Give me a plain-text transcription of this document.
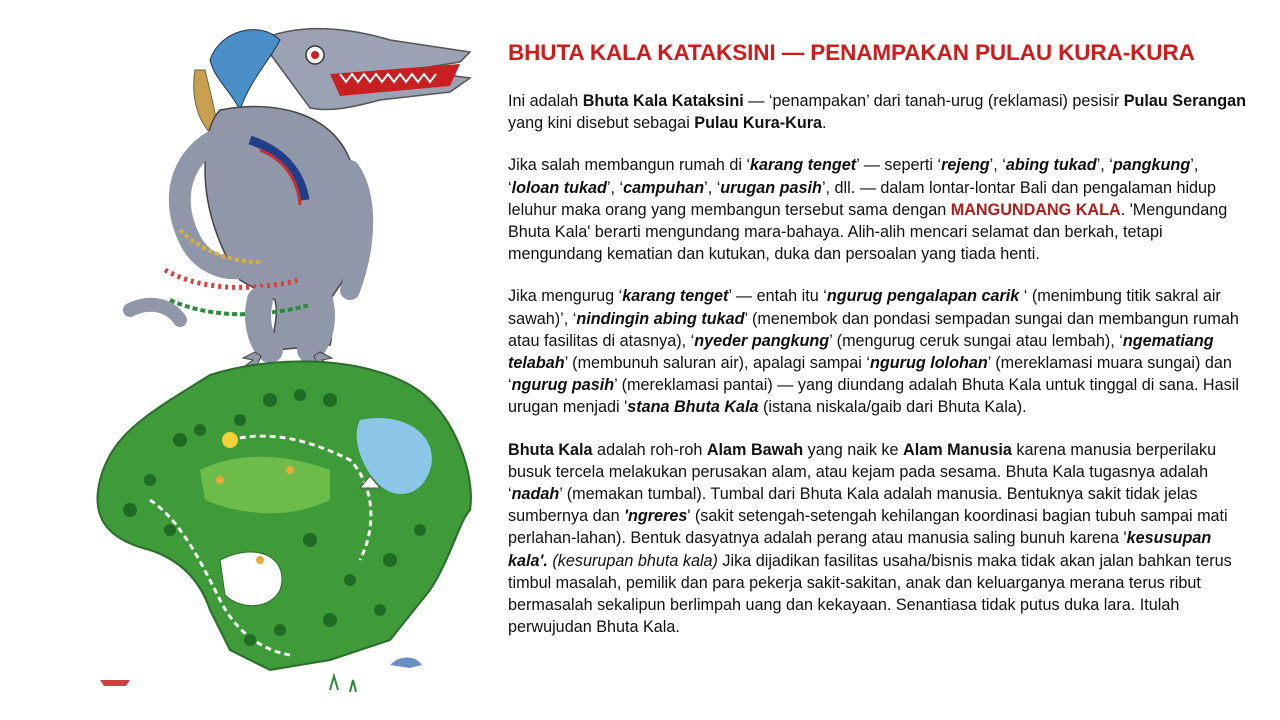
BHUTA KALA KATAKSINI — PENAMPAKAN PULAU KURA-KURA

Ini adalah Bhuta Kala Kataksini — ‘penampakan’ dari tanah-urug (reklamasi) pesisir Pulau Serangan yang kini disebut sebagai Pulau Kura-Kura.

Jika salah membangun rumah di ‘karang tenget’ — seperti ‘rejeng’, ‘abing tukad’, ‘pangkung’, ‘loloan tukad’, ‘campuhan’, ‘urugan pasih’, dll. — dalam lontar-lontar Bali dan pengalaman hidup leluhur maka orang yang membangun tersebut sama dengan MANGUNDANG KALA. 'Mengundang Bhuta Kala' berarti mengundang mara-bahaya. Alih-alih mencari selamat dan berkah, tetapi mengundang kematian dan kutukan, duka dan persoalan yang tiada henti.

Jika mengurug ‘karang tenget’ — entah itu ‘ngurug pengalapan carik ‘ (menimbung titik sakral air sawah)’, ‘nindingin abing tukad’ (menembok dan pondasi sempadan sungai dan membangun rumah atau fasilitas di atasnya), ‘nyeder pangkung’ (mengurug ceruk sungai atau lembah), ‘ngematiang telabah’ (membunuh saluran air), apalagi sampai ‘ngurug lolohan’ (mereklamasi muara sungai) dan ‘ngurug pasih’ (mereklamasi pantai) — yang diundang adalah Bhuta Kala untuk tinggal di sana. Hasil urugan menjadi 'stana Bhuta Kala (istana niskala/gaib dari Bhuta Kala).

Bhuta Kala adalah roh-roh Alam Bawah yang naik ke Alam Manusia karena manusia berperilaku busuk tercela melakukan perusakan alam, atau kejam pada sesama. Bhuta Kala tugasnya adalah ‘nadah’ (memakan tumbal). Tumbal dari Bhuta Kala adalah manusia. Bentuknya sakit tidak jelas sumbernya dan 'ngreres' (sakit setengah-setengah kehilangan koordinasi bagian tubuh sampai mati perlahan-lahan). Bentuk dasyatnya adalah perang atau manusia saling bunuh karena 'kesusupan kala'. (kesurupan bhuta kala) Jika dijadikan fasilitas usaha/bisnis maka tidak akan jalan bahkan terus timbul masalah, pemilik dan para pekerja sakit-sakitan, anak dan keluarganya merana terus ribut bermasalah sekalipun berlimpah uang dan kekayaan. Senantiasa tidak putus duka lara. Itulah perwujudan Bhuta Kala.
